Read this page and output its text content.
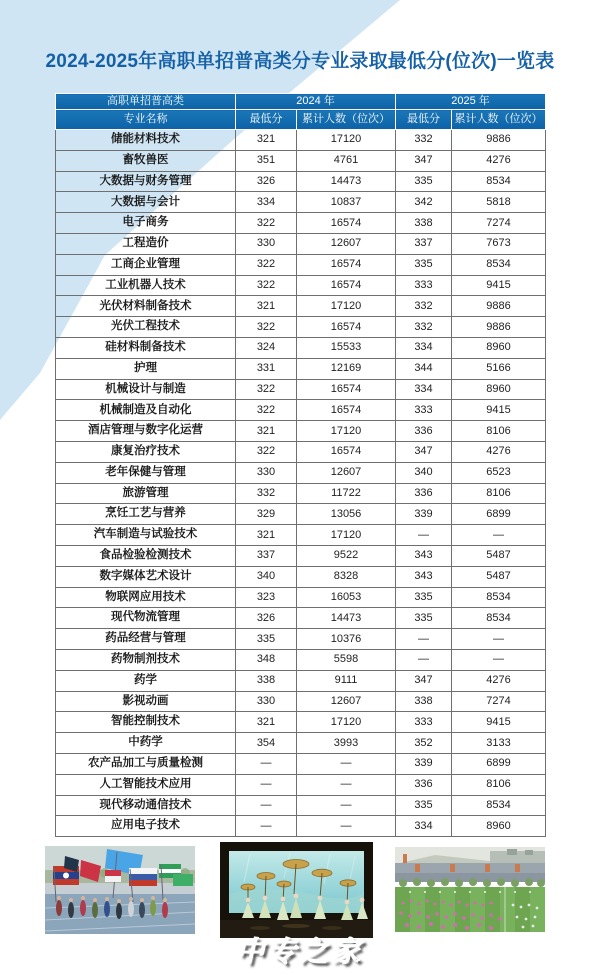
2024-2025年高职单招普高类分专业录取最低分(位次)一览表
高职单招普高类	2024 年		2025 年	
专业名称	最低分	累计人数（位次）	最低分	累计人数（位次）
储能材料技术	321	17120	332	9886
畜牧兽医	351	4761	347	4276
大数据与财务管理	326	14473	335	8534
大数据与会计	334	10837	342	5818
电子商务	322	16574	338	7274
工程造价	330	12607	337	7673
工商企业管理	322	16574	335	8534
工业机器人技术	322	16574	333	9415
光伏材料制备技术	321	17120	332	9886
光伏工程技术	322	16574	332	9886
硅材料制备技术	324	15533	334	8960
护理	331	12169	344	5166
机械设计与制造	322	16574	334	8960
机械制造及自动化	322	16574	333	9415
酒店管理与数字化运营	321	17120	336	8106
康复治疗技术	322	16574	347	4276
老年保健与管理	330	12607	340	6523
旅游管理	332	11722	336	8106
烹饪工艺与营养	329	13056	339	6899
汽车制造与试验技术	321	17120	—	—
食品检验检测技术	337	9522	343	5487
数字媒体艺术设计	340	8328	343	5487
物联网应用技术	323	16053	335	8534
现代物流管理	326	14473	335	8534
药品经营与管理	335	10376	—	—
药物制剂技术	348	5598	—	—
药学	338	9111	347	4276
影视动画	330	12607	338	7274
智能控制技术	321	17120	333	9415
中药学	354	3993	352	3133
农产品加工与质量检测	—	—	339	6899
人工智能技术应用	—	—	336	8106
现代移动通信技术	—	—	335	8534
应用电子技术	—	—	334	8960
中专之家
